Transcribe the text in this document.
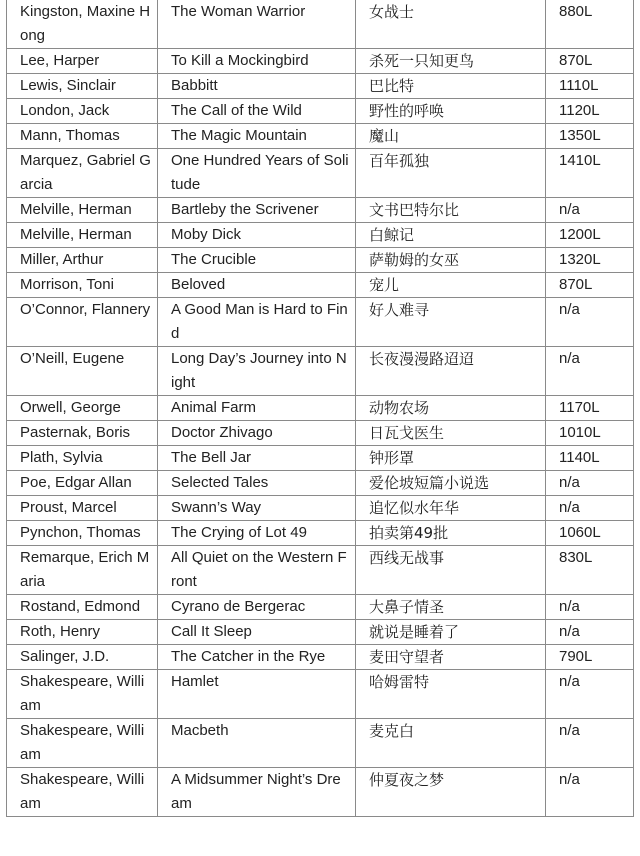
Kingston, Maxine Hong	The Woman Warrior	女战士	880L
Lee, Harper	To Kill a Mockingbird	杀死一只知更鸟	870L
Lewis, Sinclair	Babbitt	巴比特	1110L
London, Jack	The Call of the Wild	野性的呼唤	1120L
Mann, Thomas	The Magic Mountain	魔山	1350L
Marquez, Gabriel Garcia	One Hundred Years of Solitude	百年孤独	1410L
Melville, Herman	Bartleby the Scrivener	文书巴特尔比	n/a
Melville, Herman	Moby Dick	白鲸记	1200L
Miller, Arthur	The Crucible	萨勒姆的女巫	1320L
Morrison, Toni	Beloved	宠儿	870L
O’Connor, Flannery	A Good Man is Hard to Find	好人难寻	n/a
O’Neill, Eugene	Long Day’s Journey into Night	长夜漫漫路迢迢	n/a
Orwell, George	Animal Farm	动物农场	1170L
Pasternak, Boris	Doctor Zhivago	日瓦戈医生	1010L
Plath, Sylvia	The Bell Jar	钟形罩	1140L
Poe, Edgar Allan	Selected Tales	爱伦坡短篇小说选	n/a
Proust, Marcel	Swann’s Way	追忆似水年华	n/a
Pynchon, Thomas	The Crying of Lot 49	拍卖第49批	1060L
Remarque, Erich Maria	All Quiet on the Western Front	西线无战事	830L
Rostand, Edmond	Cyrano de Bergerac	大鼻子情圣	n/a
Roth, Henry	Call It Sleep	就说是睡着了	n/a
Salinger, J.D.	The Catcher in the Rye	麦田守望者	790L
Shakespeare, William	Hamlet	哈姆雷特	n/a
Shakespeare, William	Macbeth	麦克白	n/a
Shakespeare, William	A Midsummer Night’s Dream	仲夏夜之梦	n/a
